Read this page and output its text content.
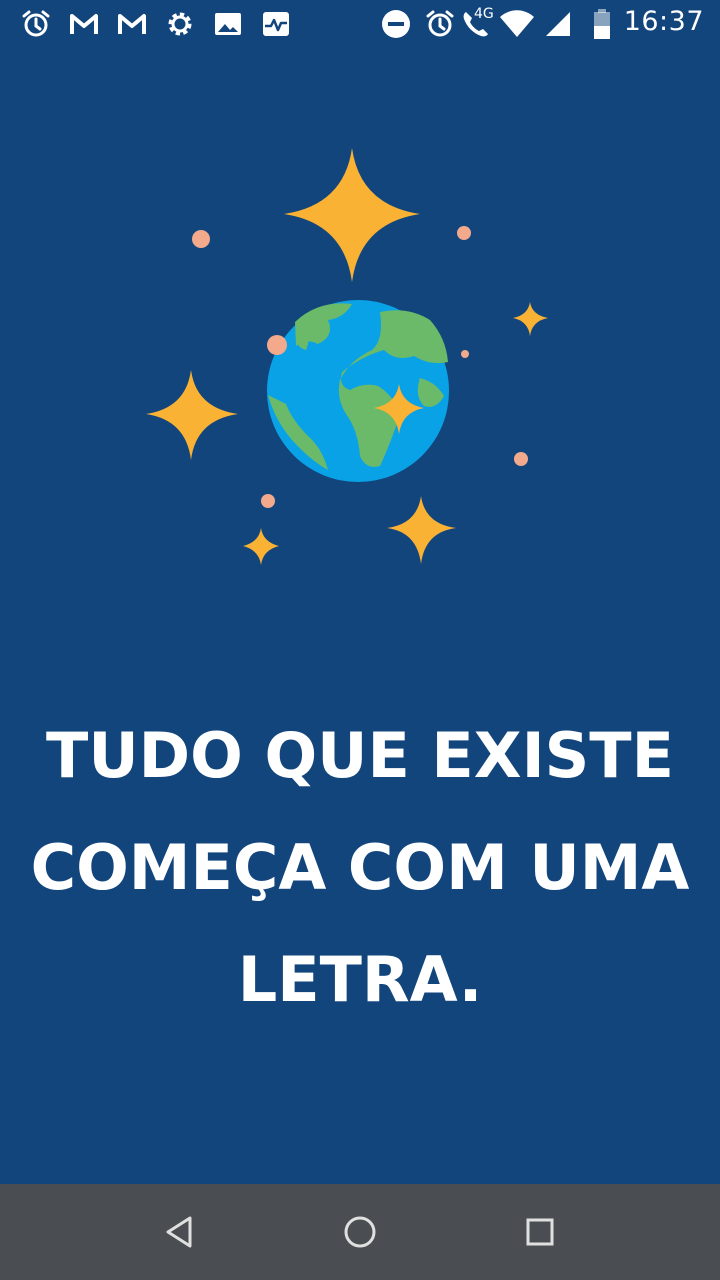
4G	16:37
TUDO QUE EXISTE
COMEÇA COM UMA
LETRA.
